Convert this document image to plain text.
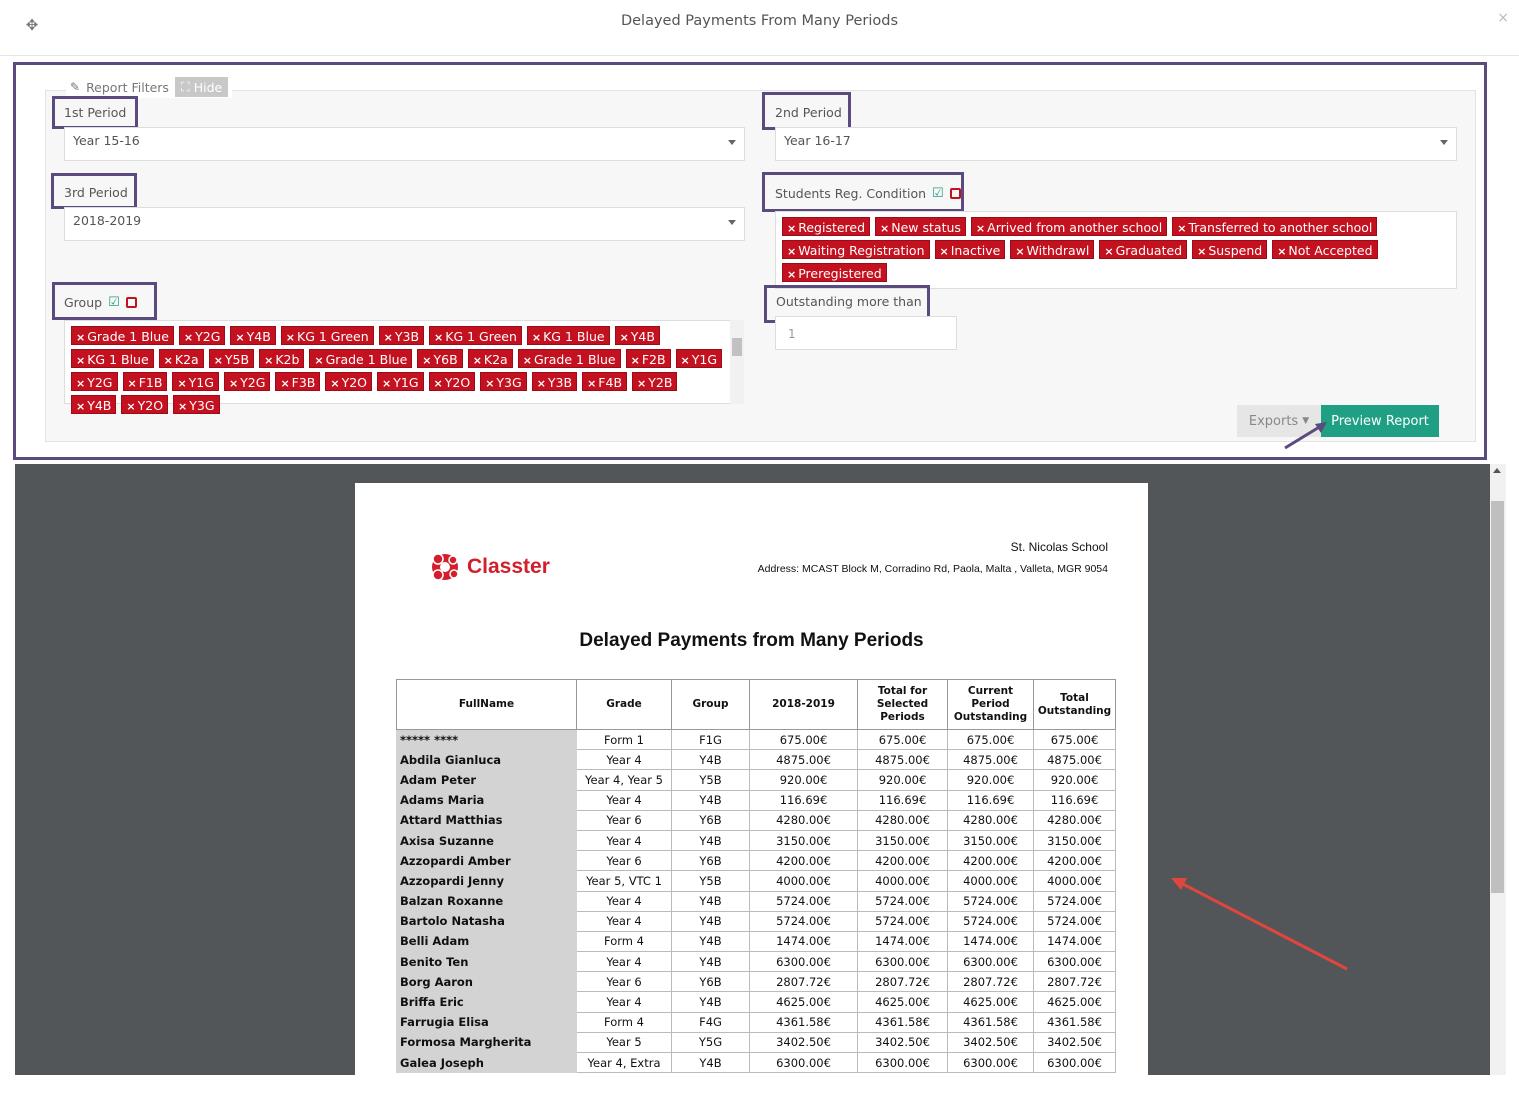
✥	Delayed Payments From Many Periods	×
✎ Report Filters ⛶ Hide
1st Period
Year 15-16
2nd Period
Year 16-17
3rd Period
2018-2019
Students Reg. Condition ☑
× Registered	× New status	× Arrived from another school	× Transferred to another school
× Waiting Registration	× Inactive	× Withdrawl	× Graduated	× Suspend	× Not Accepted
× Preregistered
Group ☑
× Grade 1 Blue	× Y2G	× Y4B	× KG 1 Green	× Y3B	× KG 1 Green	× KG 1 Blue	× Y4B
× KG 1 Blue	× K2a	× Y5B	× K2b	× Grade 1 Blue	× Y6B	× K2a	× Grade 1 Blue	× F2B	× Y1G
× Y2G	× F1B	× Y1G	× Y2G	× F3B	× Y2O	× Y1G	× Y2O	× Y3G	× Y3B	× F4B	× Y2B
× Y4B	× Y2O	× Y3G
Outstanding more than
1
Exports ▼	Preview Report
Classter
St. Nicolas School
Address: MCAST Block M, Corradino Rd, Paola, Malta , Valleta, MGR 9054
Delayed Payments from Many Periods
FullName	Grade	Group	2018-2019	Total for Selected Periods	Current Period Outstanding	Total Outstanding
***** ****	Form 1	F1G	675.00€	675.00€	675.00€	675.00€
Abdila Gianluca	Year 4	Y4B	4875.00€	4875.00€	4875.00€	4875.00€
Adam Peter	Year 4, Year 5	Y5B	920.00€	920.00€	920.00€	920.00€
Adams Maria	Year 4	Y4B	116.69€	116.69€	116.69€	116.69€
Attard Matthias	Year 6	Y6B	4280.00€	4280.00€	4280.00€	4280.00€
Axisa Suzanne	Year 4	Y4B	3150.00€	3150.00€	3150.00€	3150.00€
Azzopardi Amber	Year 6	Y6B	4200.00€	4200.00€	4200.00€	4200.00€
Azzopardi Jenny	Year 5, VTC 1	Y5B	4000.00€	4000.00€	4000.00€	4000.00€
Balzan Roxanne	Year 4	Y4B	5724.00€	5724.00€	5724.00€	5724.00€
Bartolo Natasha	Year 4	Y4B	5724.00€	5724.00€	5724.00€	5724.00€
Belli Adam	Form 4	Y4B	1474.00€	1474.00€	1474.00€	1474.00€
Benito Ten	Year 4	Y4B	6300.00€	6300.00€	6300.00€	6300.00€
Borg Aaron	Year 6	Y6B	2807.72€	2807.72€	2807.72€	2807.72€
Briffa Eric	Year 4	Y4B	4625.00€	4625.00€	4625.00€	4625.00€
Farrugia Elisa	Form 4	F4G	4361.58€	4361.58€	4361.58€	4361.58€
Formosa Margherita	Year 5	Y5G	3402.50€	3402.50€	3402.50€	3402.50€
Galea Joseph	Year 4, Extra	Y4B	6300.00€	6300.00€	6300.00€	6300.00€
